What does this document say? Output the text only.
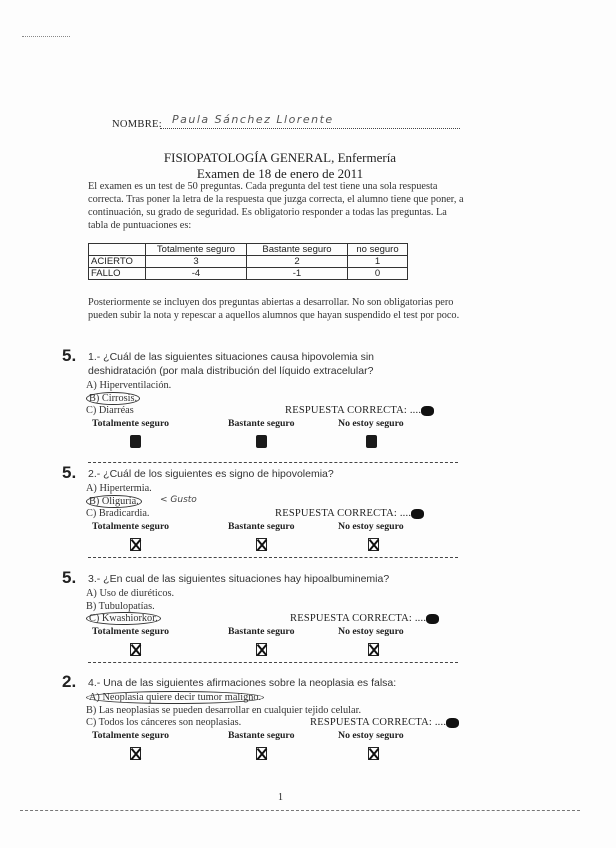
NOMBRE: Paula Sánchez Llorente
FISIOPATOLOGÍA GENERAL, Enfermería
Examen de 18 de enero de 2011
El examen es un test de 50 preguntas. Cada pregunta del test tiene una sola respuesta correcta. Tras poner la letra de la respuesta que juzga correcta, el alumno tiene que poner, a continuación, su grado de seguridad. Es obligatorio responder a todas las preguntas. La tabla de puntuaciones es:
	Totalmente seguro	Bastante seguro	no seguro
ACIERTO	3	2	1
FALLO	-4	-1	0
Posteriormente se incluyen dos preguntas abiertas a desarrollar. No son obligatorias pero pueden subir la nota y repescar a aquellos alumnos que hayan suspendido el test por poco.
5. 1.- ¿Cuál de las siguientes situaciones causa hipovolemia sin deshidratación (por mala distribución del líquido extracelular?
A) Hiperventilación.
B) Cirrosis.
C) Diarréas	RESPUESTA CORRECTA: ....
Totalmente seguro	Bastante seguro	No estoy seguro
5. 2.- ¿Cuál de los siguientes es signo de hipovolemia?
A) Hipertermia.
B) Oliguria.
C) Bradicardia.
< Gusto
RESPUESTA CORRECTA: ....
Totalmente seguro	Bastante seguro	No estoy seguro
5. 3.- ¿En cual de las siguientes situaciones hay hipoalbuminemia?
A) Uso de diuréticos.
B) Tubulopatías.
C) Kwashiorkor.	RESPUESTA CORRECTA: ....
Totalmente seguro	Bastante seguro	No estoy seguro
2. 4.- Una de las siguientes afirmaciones sobre la neoplasia es falsa:
A) Neoplasia quiere decir tumor maligno.
B) Las neoplasias se pueden desarrollar en cualquier tejido celular.
C) Todos los cánceres son neoplasias.	RESPUESTA CORRECTA: ....
Totalmente seguro	Bastante seguro	No estoy seguro
1
